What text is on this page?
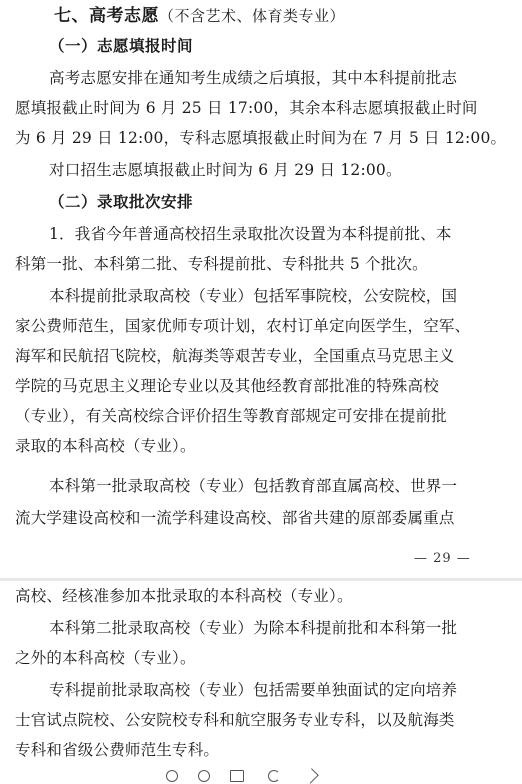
七、高考志愿（不含艺术、体育类专业）
（一）志愿填报时间
高考志愿安排在通知考生成绩之后填报，其中本科提前批志
愿填报截止时间为 6 月 25 日 17:00，其余本科志愿填报截止时间
为 6 月 29 日 12:00，专科志愿填报截止时间为在 7 月 5 日 12:00。
对口招生志愿填报截止时间为 6 月 29 日 12:00。
（二）录取批次安排
1．我省今年普通高校招生录取批次设置为本科提前批、本
科第一批、本科第二批、专科提前批、专科批共 5 个批次。
本科提前批录取高校（专业）包括军事院校，公安院校，国
家公费师范生，国家优师专项计划，农村订单定向医学生，空军、
海军和民航招飞院校，航海类等艰苦专业，全国重点马克思主义
学院的马克思主义理论专业以及其他经教育部批准的特殊高校
（专业），有关高校综合评价招生等教育部规定可安排在提前批
录取的本科高校（专业）。
本科第一批录取高校（专业）包括教育部直属高校、世界一
流大学建设高校和一流学科建设高校、部省共建的原部委属重点
— 29 —
高校、经核准参加本批录取的本科高校（专业）。
本科第二批录取高校（专业）为除本科提前批和本科第一批
之外的本科高校（专业）。
专科提前批录取高校（专业）包括需要单独面试的定向培养
士官试点院校、公安院校专科和航空服务专业专科，以及航海类
专科和省级公费师范生专科。
